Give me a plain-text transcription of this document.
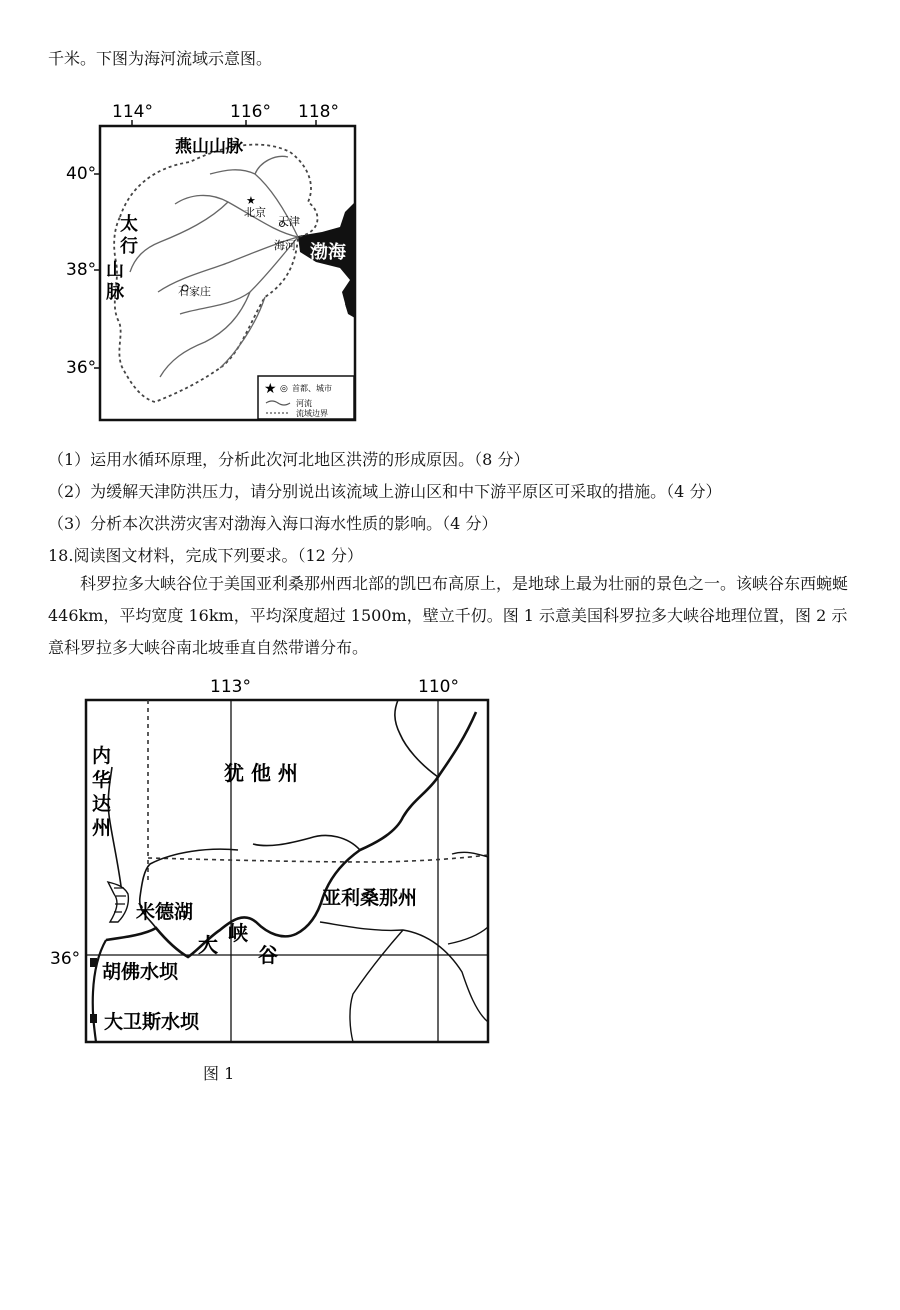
千米。下图为海河流域示意图。
114°	116° 118°
40°
38°
36°
渤海
燕山山脉
太
行
山
脉
★
北京
天津
海河
石家庄
★ ◎ 首都、城市
河流
流域边界
（1）运用水循环原理，分析此次河北地区洪涝的形成原因。（8 分）
（2）为缓解天津防洪压力，请分别说出该流域上游山区和中下游平原区可采取的措施。（4 分）
（3）分析本次洪涝灾害对渤海入海口海水性质的影响。（4 分）
18.阅读图文材料，完成下列要求。（12 分）
科罗拉多大峡谷位于美国亚利桑那州西北部的凯巴布高原上，是地球上最为壮丽的景色之一。该峡谷东西蜿蜒 446km，平均宽度 16km，平均深度超过 1500m，壁立千仞。图 1 示意美国科罗拉多大峡谷地理位置，图 2 示意科罗拉多大峡谷南北坡垂直自然带谱分布。
113°	110°
36°
内
华
达
州
犹 他 州
亚利桑那州
米德湖
大 峡
谷
胡佛水坝
大卫斯水坝
图 1
